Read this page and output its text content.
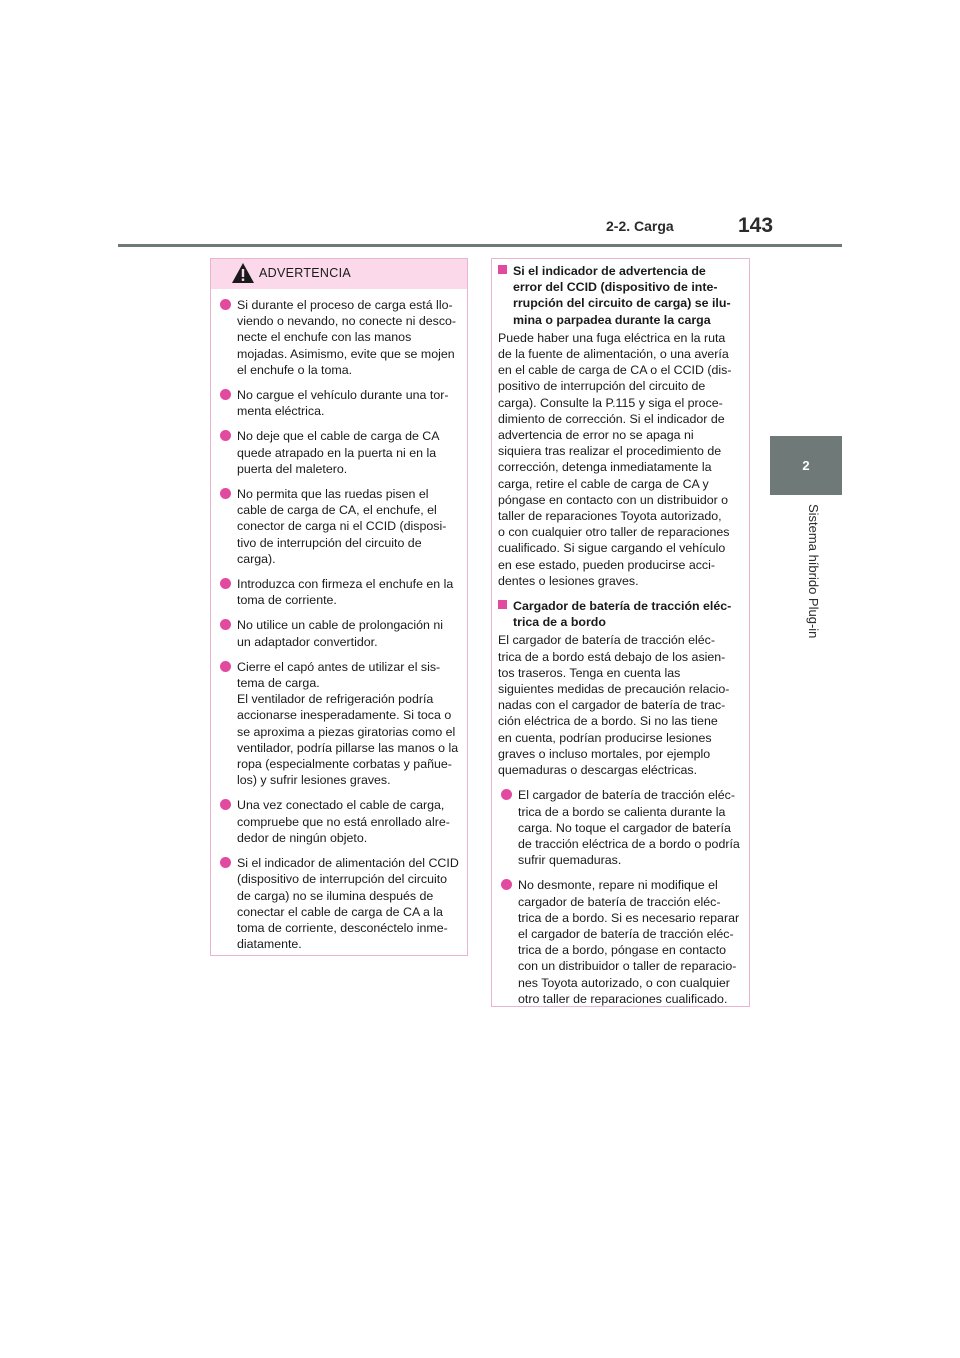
2-2. Carga	143
2
Sistema híbrido Plug-in
ADVERTENCIA
Si durante el proceso de carga está llo-
viendo o nevando, no conecte ni desco-
necte el enchufe con las manos
mojadas. Asimismo, evite que se mojen
el enchufe o la toma.
No cargue el vehículo durante una tor-
menta eléctrica.
No deje que el cable de carga de CA
quede atrapado en la puerta ni en la
puerta del maletero.
No permita que las ruedas pisen el
cable de carga de CA, el enchufe, el
conector de carga ni el CCID (disposi-
tivo de interrupción del circuito de
carga).
Introduzca con firmeza el enchufe en la
toma de corriente.
No utilice un cable de prolongación ni
un adaptador convertidor.
Cierre el capó antes de utilizar el sis-
tema de carga.
El ventilador de refrigeración podría
accionarse inesperadamente. Si toca o
se aproxima a piezas giratorias como el
ventilador, podría pillarse las manos o la
ropa (especialmente corbatas y pañue-
los) y sufrir lesiones graves.
Una vez conectado el cable de carga,
compruebe que no está enrollado alre-
dedor de ningún objeto.
Si el indicador de alimentación del CCID
(dispositivo de interrupción del circuito
de carga) no se ilumina después de
conectar el cable de carga de CA a la
toma de corriente, desconéctelo inme-
diatamente.
Si el indicador de advertencia de
error del CCID (dispositivo de inte-
rrupción del circuito de carga) se ilu-
mina o parpadea durante la carga
Puede haber una fuga eléctrica en la ruta
de la fuente de alimentación, o una avería
en el cable de carga de CA o el CCID (dis-
positivo de interrupción del circuito de
carga). Consulte la P.115 y siga el proce-
dimiento de corrección. Si el indicador de
advertencia de error no se apaga ni
siquiera tras realizar el procedimiento de
corrección, detenga inmediatamente la
carga, retire el cable de carga de CA y
póngase en contacto con un distribuidor o
taller de reparaciones Toyota autorizado,
o con cualquier otro taller de reparaciones
cualificado. Si sigue cargando el vehículo
en ese estado, pueden producirse acci-
dentes o lesiones graves.
Cargador de batería de tracción eléc-
trica de a bordo
El cargador de batería de tracción eléc-
trica de a bordo está debajo de los asien-
tos traseros. Tenga en cuenta las
siguientes medidas de precaución relacio-
nadas con el cargador de batería de trac-
ción eléctrica de a bordo. Si no las tiene
en cuenta, podrían producirse lesiones
graves o incluso mortales, por ejemplo
quemaduras o descargas eléctricas.
El cargador de batería de tracción eléc-
trica de a bordo se calienta durante la
carga. No toque el cargador de batería
de tracción eléctrica de a bordo o podría
sufrir quemaduras.
No desmonte, repare ni modifique el
cargador de batería de tracción eléc-
trica de a bordo. Si es necesario reparar
el cargador de batería de tracción eléc-
trica de a bordo, póngase en contacto
con un distribuidor o taller de reparacio-
nes Toyota autorizado, o con cualquier
otro taller de reparaciones cualificado.
